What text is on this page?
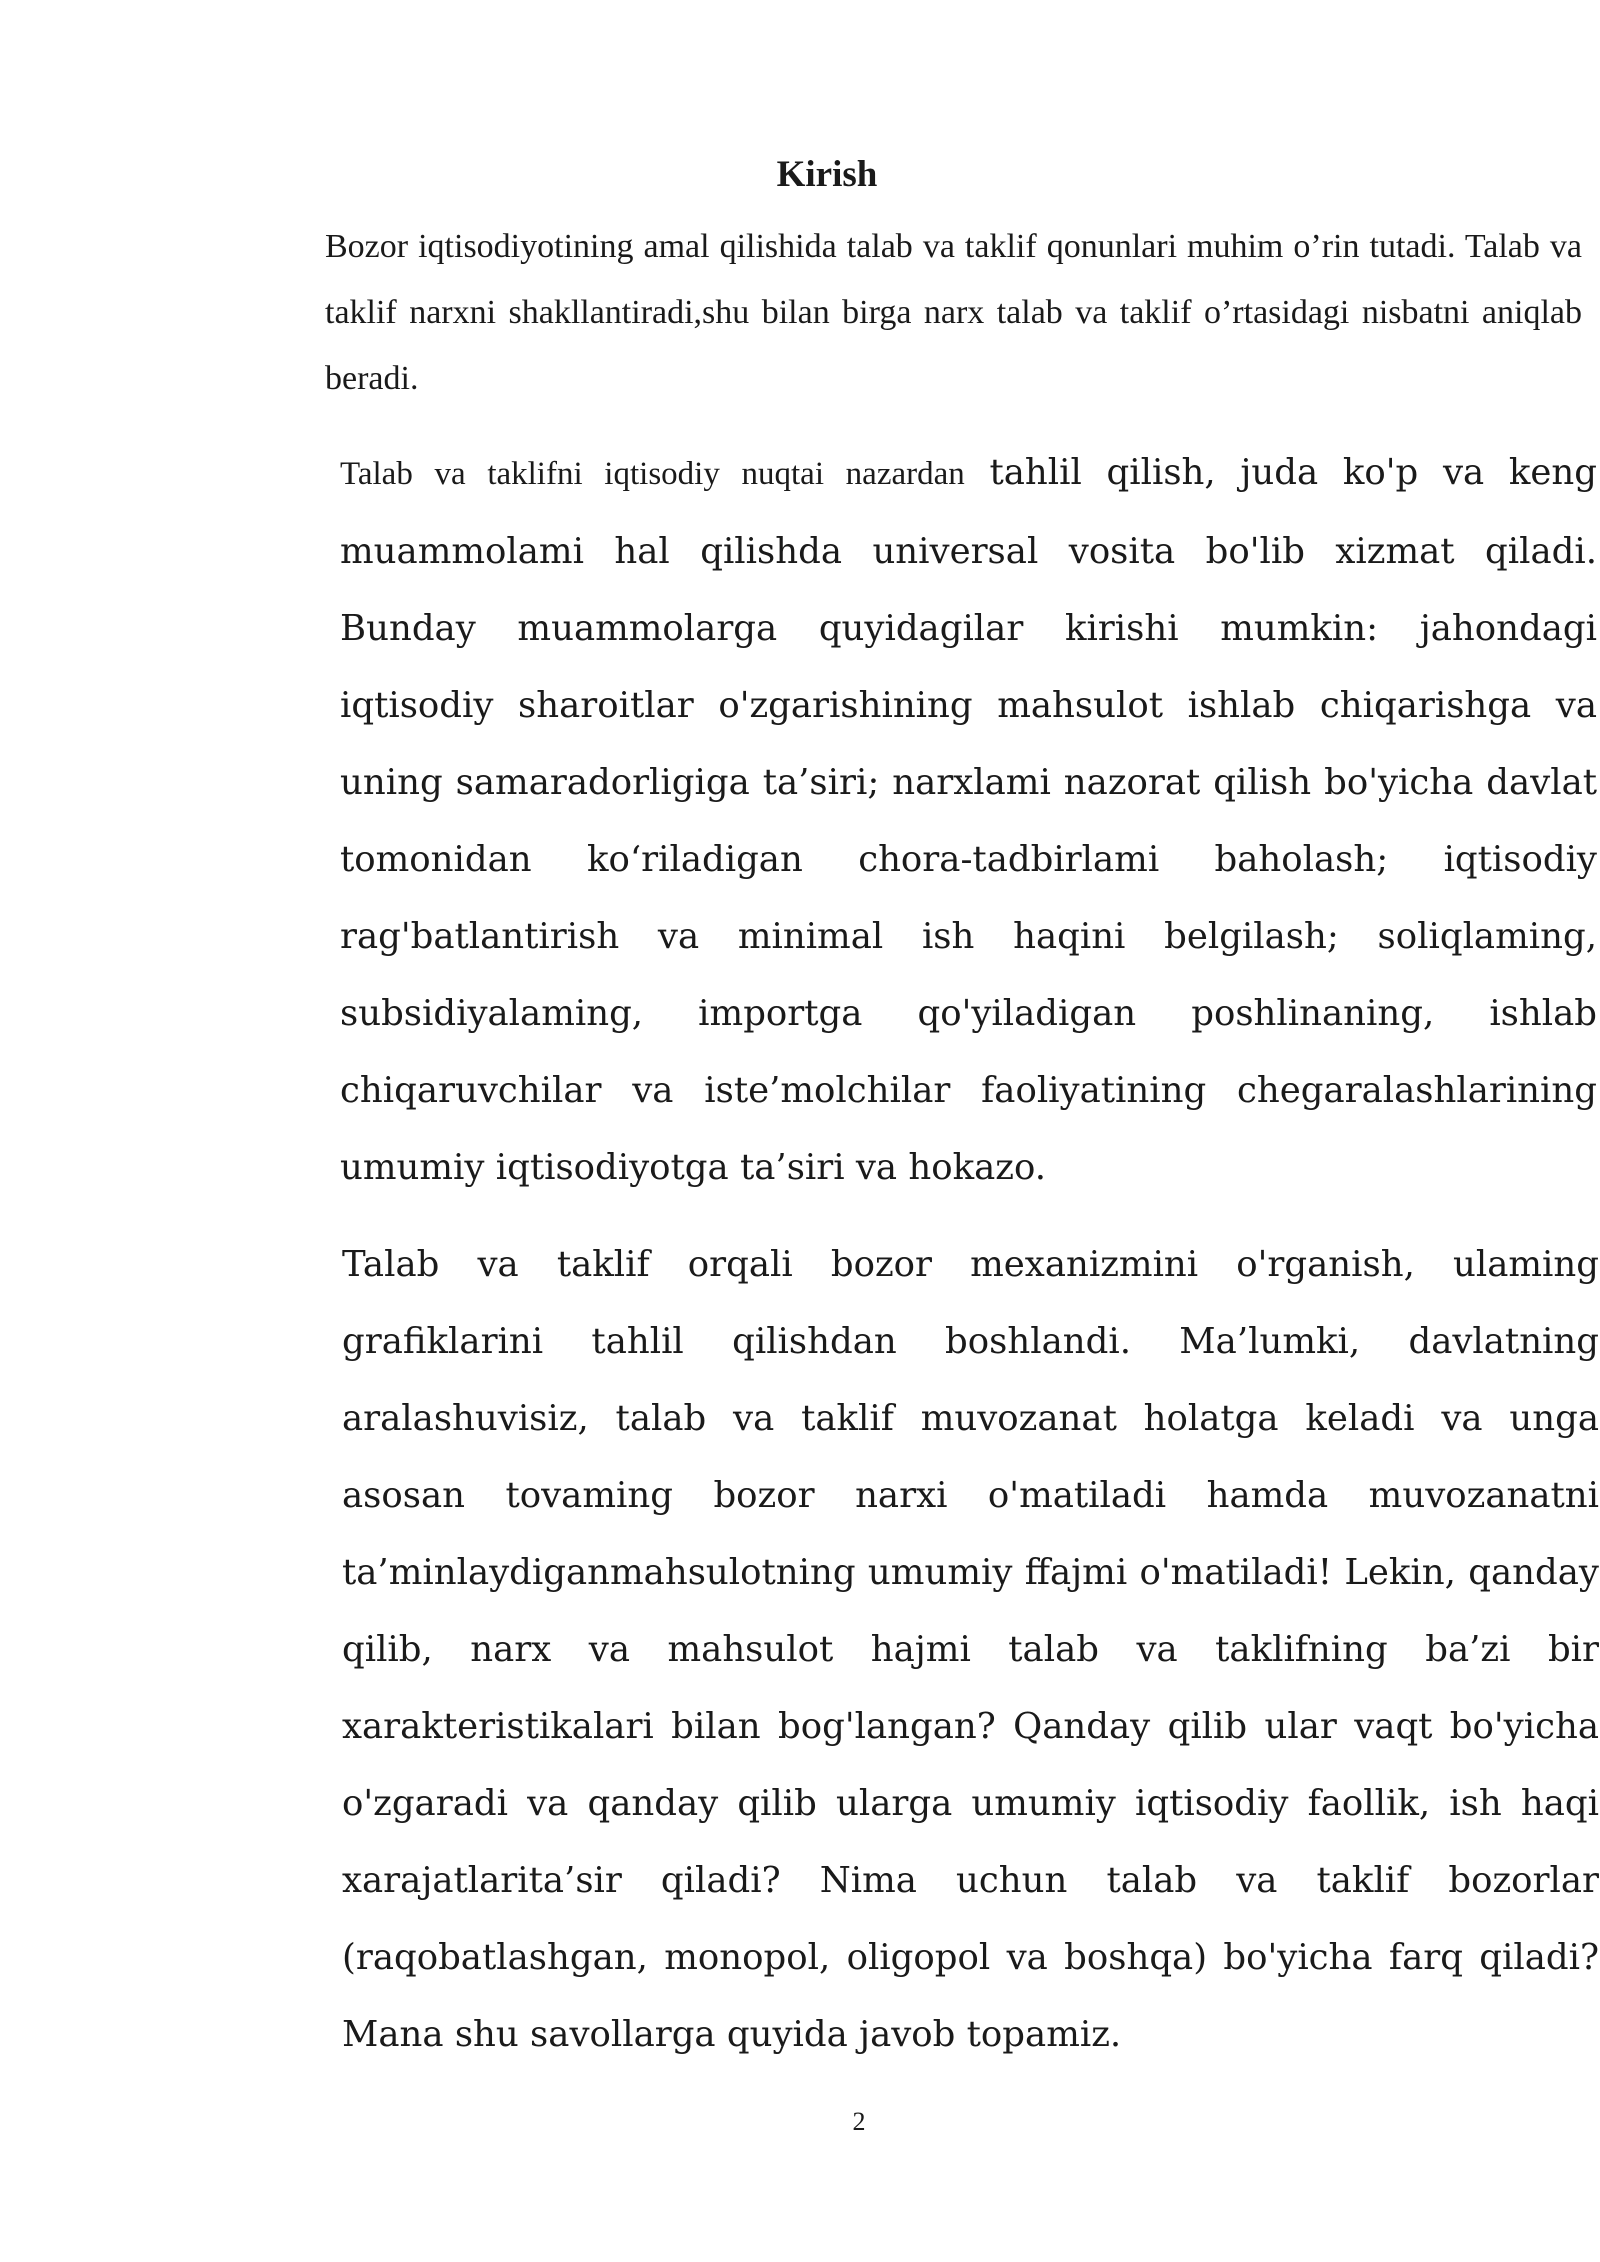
Kirish

Bozor iqtisodiyotining amal qilishida talab va taklif qonunlari muhim o’rin tutadi. Talab va taklif narxni shakllantiradi,shu bilan birga narx talab va taklif o’rtasidagi nisbatni aniqlab beradi.

Talab va taklifni iqtisodiy nuqtai nazardan tahlil qilish, juda ko'p va keng muammolami hal qilishda universal vosita bo'lib xizmat qiladi. Bunday muammolarga quyidagilar kirishi mumkin: jahondagi iqtisodiy sharoitlar o'zgarishining mahsulot ishlab chiqarishga va uning samaradorligiga ta’siri; narxlami nazorat qilish bo'yicha davlat tomonidan ko‘riladigan chora-tadbirlami baholash; iqtisodiy rag'batlantirish va minimal ish haqini belgilash; soliqlaming, subsidiyalaming, importga qo'yiladigan poshlinaning, ishlab chiqaruvchilar va iste’molchilar faoliyatining chegaralashlarining umumiy iqtisodiyotga ta’siri va hokazo.

Talab va taklif orqali bozor mexanizmini o'rganish, ulaming grafiklarini tahlil qilishdan boshlandi. Ma’lumki, davlatning aralashuvisiz, talab va taklif muvozanat holatga keladi va unga asosan tovaming bozor narxi o'matiladi hamda muvozanatni ta’minlaydiganmahsulotning umumiy ffajmi o'matiladi! Lekin, qanday qilib, narx va mahsulot hajmi talab va taklifning ba’zi bir xarakteristikalari bilan bog'langan? Qanday qilib ular vaqt bo'yicha o'zgaradi va qanday qilib ularga umumiy iqtisodiy faollik, ish haqi xarajatlarita’sir qiladi? Nima uchun talab va taklif bozorlar (raqobatlashgan, monopol, oligopol va boshqa) bo'yicha farq qiladi? Mana shu savollarga quyida javob topamiz.

2
